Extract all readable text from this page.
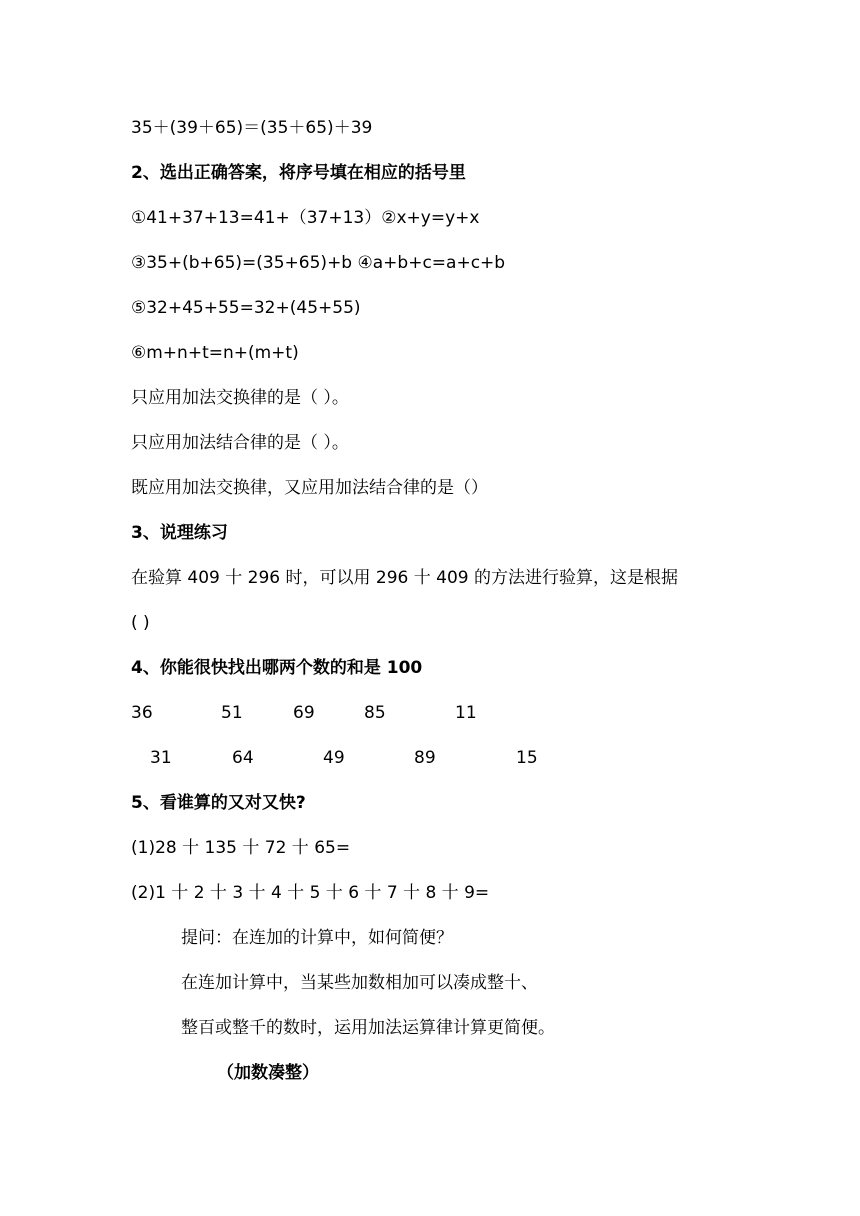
35＋(39＋65)＝(35＋65)＋39
2、选出正确答案，将序号填在相应的括号里
①41+37+13=41+（37+13）②x+y=y+x
③35+(b+65)=(35+65)+b ④a+b+c=a+c+b
⑤32+45+55=32+(45+55)
⑥m+n+t=n+(m+t)
只应用加法交换律的是（ ）。
只应用加法结合律的是（ ）。
既应用加法交换律，又应用加法结合律的是（）
3、说理练习
在验算 409 十 296 时，可以用 296 十 409 的方法进行验算，这是根据
( )
4、你能很快找出哪两个数的和是 100
36	51	69	85	11
31	64	49	89	15
5、看谁算的又对又快?
(1)28 十 135 十 72 十 65=
(2)1 十 2 十 3 十 4 十 5 十 6 十 7 十 8 十 9=
提问：在连加的计算中，如何简便？
在连加计算中，当某些加数相加可以凑成整十、
整百或整千的数时，运用加法运算律计算更简便。
（加数凑整）
